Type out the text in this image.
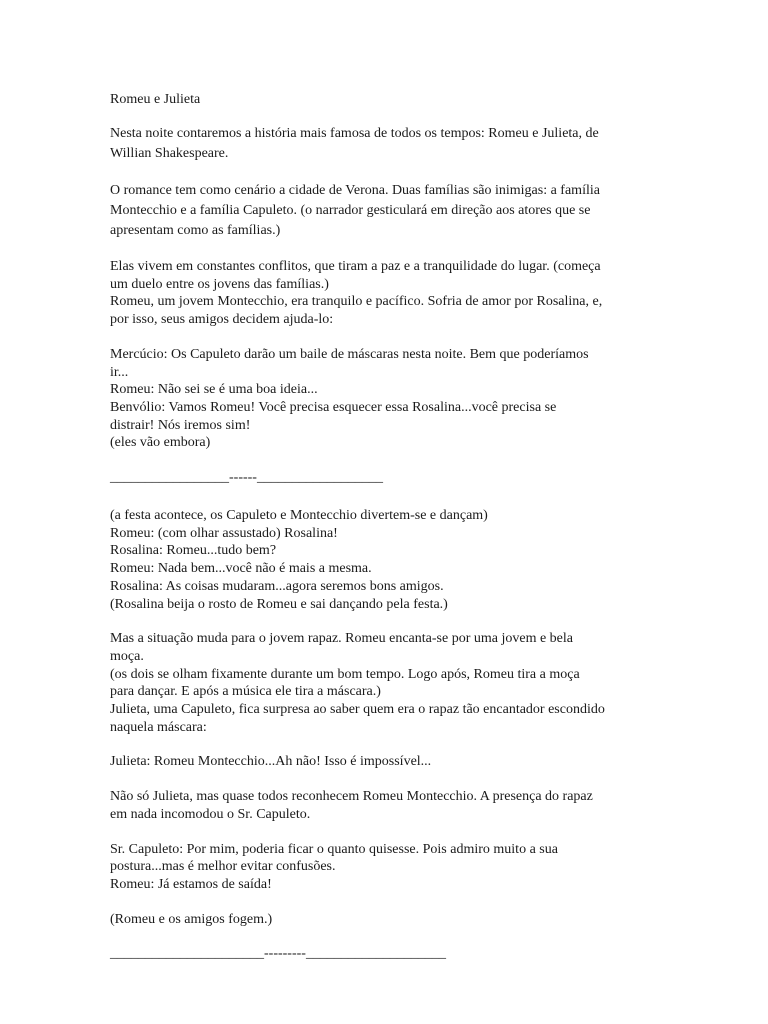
Romeu e Julieta
Nesta noite contaremos a história mais famosa de todos os tempos: Romeu e Julieta, de
Willian Shakespeare.
O romance tem como cenário a cidade de Verona. Duas famílias são inimigas: a família
Montecchio e a família Capuleto. (o narrador gesticulará em direção aos atores que se
apresentam como as famílias.)
Elas vivem em constantes conflitos, que tiram a paz e a tranquilidade do lugar. (começa
um duelo entre os jovens das famílias.)
Romeu, um jovem Montecchio, era tranquilo e pacífico. Sofria de amor por Rosalina, e,
por isso, seus amigos decidem ajuda-lo:
Mercúcio: Os Capuleto darão um baile de máscaras nesta noite. Bem que poderíamos
ir...
Romeu: Não sei se é uma boa ideia...
Benvólio: Vamos Romeu! Você precisa esquecer essa Rosalina...você precisa se
distrair! Nós iremos sim!
(eles vão embora)
_________________------__________________
(a festa acontece, os Capuleto e Montecchio divertem-se e dançam)
Romeu: (com olhar assustado) Rosalina!
Rosalina: Romeu...tudo bem?
Romeu: Nada bem...você não é mais a mesma.
Rosalina: As coisas mudaram...agora seremos bons amigos.
(Rosalina beija o rosto de Romeu e sai dançando pela festa.)
Mas a situação muda para o jovem rapaz. Romeu encanta-se por uma jovem e bela
moça.
(os dois se olham fixamente durante um bom tempo. Logo após, Romeu tira a moça
para dançar. E após a música ele tira a máscara.)
Julieta, uma Capuleto, fica surpresa ao saber quem era o rapaz tão encantador escondido
naquela máscara:
Julieta: Romeu Montecchio...Ah não! Isso é impossível...
Não só Julieta, mas quase todos reconhecem Romeu Montecchio. A presença do rapaz
em nada incomodou o Sr. Capuleto.
Sr. Capuleto: Por mim, poderia ficar o quanto quisesse. Pois admiro muito a sua
postura...mas é melhor evitar confusões.
Romeu: Já estamos de saída!
(Romeu e os amigos fogem.)
______________________---------____________________
